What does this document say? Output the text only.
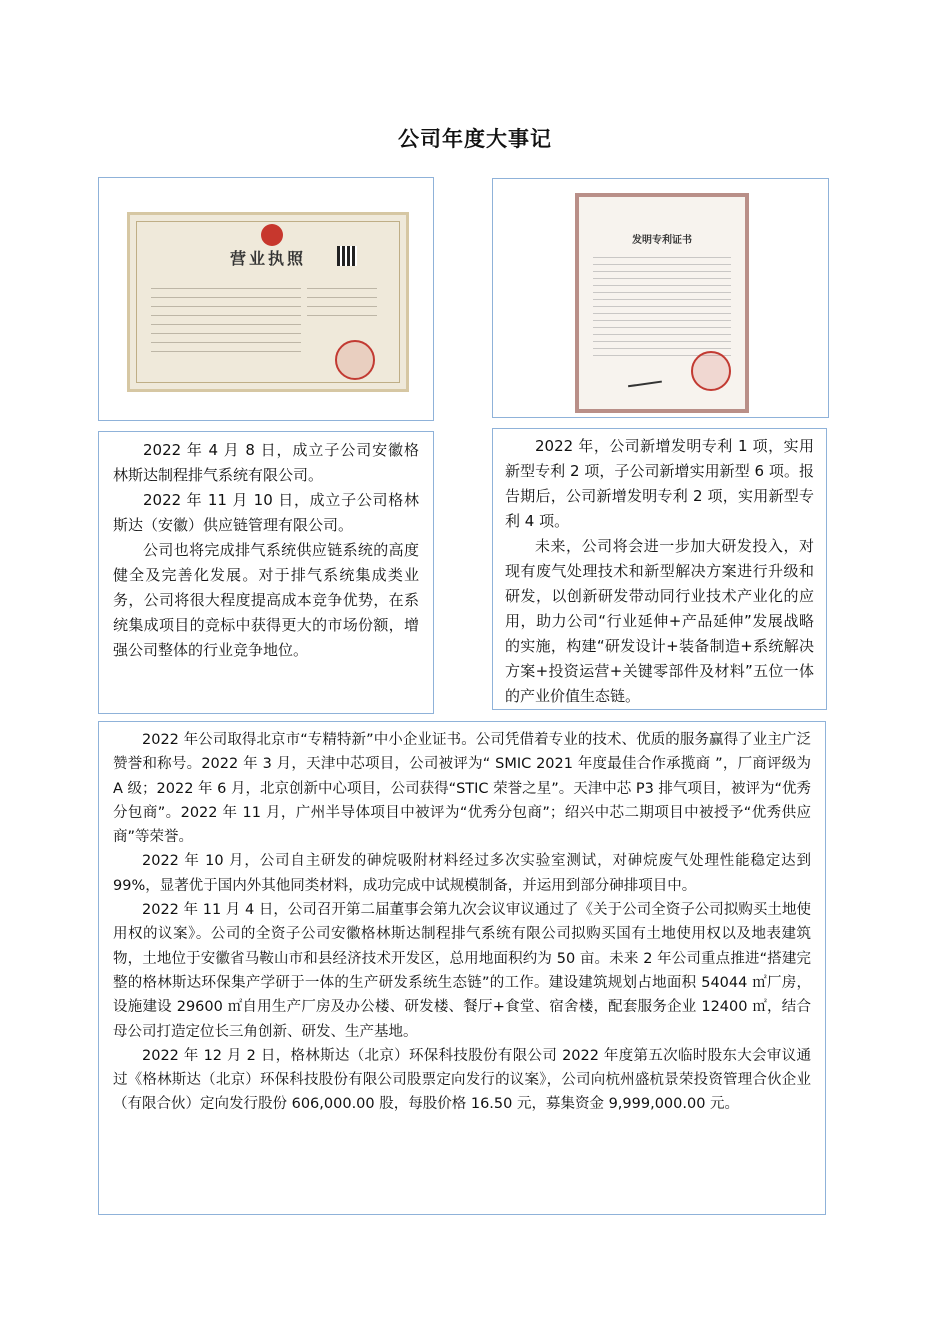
公司年度大事记
营业执照
发明专利证书

2022 年 4 月 8 日，成立子公司安徽格林斯达制程排气系统有限公司。

2022 年 11 月 10 日，成立子公司格林斯达（安徽）供应链管理有限公司。

公司也将完成排气系统供应链系统的高度健全及完善化发展。对于排气系统集成类业务，公司将很大程度提高成本竞争优势，在系统集成项目的竞标中获得更大的市场份额，增强公司整体的行业竞争地位。

2022 年，公司新增发明专利 1 项，实用新型专利 2 项，子公司新增实用新型 6 项。报告期后，公司新增发明专利 2 项，实用新型专利 4 项。

未来，公司将会进一步加大研发投入，对现有废气处理技术和新型解决方案进行升级和研发，以创新研发带动同行业技术产业化的应用，助力公司“行业延伸+产品延伸”发展战略的实施，构建“研发设计+装备制造+系统解决方案+投资运营+关键零部件及材料”五位一体的产业价值生态链。

2022 年公司取得北京市“专精特新”中小企业证书。公司凭借着专业的技术、优质的服务赢得了业主广泛赞誉和称号。2022 年 3 月，天津中芯项目，公司被评为“ SMIC 2021 年度最佳合作承揽商 ”，厂商评级为 A 级；2022 年 6 月，北京创新中心项目，公司获得“STIC 荣誉之星”。天津中芯 P3 排气项目，被评为“优秀分包商”。2022 年 11 月，广州半导体项目中被评为“优秀分包商”；绍兴中芯二期项目中被授予“优秀供应商”等荣誉。

2022 年 10 月，公司自主研发的砷烷吸附材料经过多次实验室测试，对砷烷废气处理性能稳定达到 99%，显著优于国内外其他同类材料，成功完成中试规模制备，并运用到部分砷排项目中。

2022 年 11 月 4 日，公司召开第二届董事会第九次会议审议通过了《关于公司全资子公司拟购买土地使用权的议案》。公司的全资子公司安徽格林斯达制程排气系统有限公司拟购买国有土地使用权以及地表建筑物，土地位于安徽省马鞍山市和县经济技术开发区，总用地面积约为 50 亩。未来 2 年公司重点推进“搭建完整的格林斯达环保集产学研于一体的生产研发系统生态链”的工作。建设建筑规划占地面积 54044 ㎡厂房，设施建设 29600 ㎡自用生产厂房及办公楼、研发楼、餐厅+食堂、宿舍楼，配套服务企业 12400 ㎡，结合母公司打造定位长三角创新、研发、生产基地。

2022 年 12 月 2 日，格林斯达（北京）环保科技股份有限公司 2022 年度第五次临时股东大会审议通过《格林斯达（北京）环保科技股份有限公司股票定向发行的议案》，公司向杭州盛杭景荣投资管理合伙企业（有限合伙）定向发行股份 606,000.00 股，每股价格 16.50 元，募集资金 9,999,000.00 元。
